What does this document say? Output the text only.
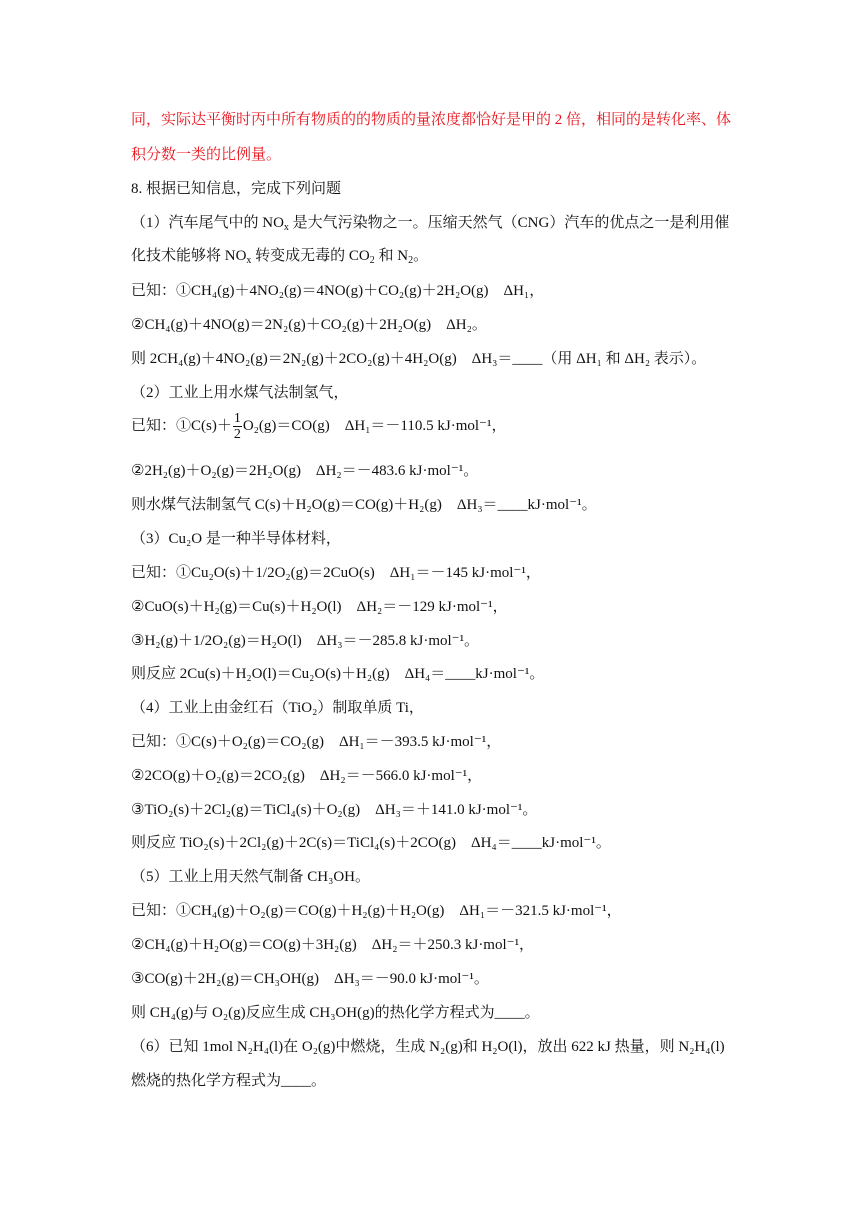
同，实际达平衡时丙中所有物质的的物质的量浓度都恰好是甲的 2 倍，相同的是转化率、体
积分数一类的比例量。
8. 根据已知信息，完成下列问题
（1）汽车尾气中的 $NO_x$ 是大气污染物之一。压缩天然气（CNG）汽车的优点之一是利用催
化技术能够将 $NO_x$ 转变成无毒的 $CO_2$ 和 $N_2$。
已知：①CH₄(g)＋4NO₂(g)＝4NO(g)＋CO₂(g)＋2H₂O(g)　ΔH₁，
②CH₄(g)＋4NO(g)＝2N₂(g)＋CO₂(g)＋2H₂O(g)　ΔH₂。
则 2CH₄(g)＋4NO₂(g)＝2N₂(g)＋2CO₂(g)＋4H₂O(g)　ΔH₃＝____（用 ΔH₁ 和 ΔH₂ 表示）。
（2）工业上用水煤气法制氢气，
已知：①C(s)＋ $\frac{1}{2} O_2(g)=CO(g)$　ΔH₁＝－110.5 kJ·mol⁻¹，
②2H₂(g)＋O₂(g)＝2H₂O(g)　ΔH₂＝－483.6 kJ·mol⁻¹。
则水煤气法制氢气 C(s)＋H₂O(g)＝CO(g)＋H₂(g)　ΔH₃＝____kJ·mol⁻¹。
（3）Cu₂O 是一种半导体材料，
已知：①Cu₂O(s)＋1/2O₂(g)＝2CuO(s)　ΔH₁＝－145 kJ·mol⁻¹，
②CuO(s)＋H₂(g)＝Cu(s)＋H₂O(l)　ΔH₂＝－129 kJ·mol⁻¹，
③H₂(g)＋1/2O₂(g)＝H₂O(l)　ΔH₃＝－285.8 kJ·mol⁻¹。
则反应 2Cu(s)＋H₂O(l)＝Cu₂O(s)＋H₂(g)　ΔH₄＝____kJ·mol⁻¹。
（4）工业上由金红石（TiO₂）制取单质 Ti，
已知：①C(s)＋O₂(g)＝CO₂(g)　ΔH₁＝－393.5 kJ·mol⁻¹，
②2CO(g)＋O₂(g)＝2CO₂(g)　ΔH₂＝－566.0 kJ·mol⁻¹，
③TiO₂(s)＋2Cl₂(g)＝TiCl₄(s)＋O₂(g)　ΔH₃＝＋141.0 kJ·mol⁻¹。
则反应 TiO₂(s)＋2Cl₂(g)＋2C(s)＝TiCl₄(s)＋2CO(g)　ΔH₄＝____kJ·mol⁻¹。
（5）工业上用天然气制备 CH₃OH。
已知：①CH₄(g)＋O₂(g)＝CO(g)＋H₂(g)＋H₂O(g)　ΔH₁＝－321.5 kJ·mol⁻¹，
②CH₄(g)＋H₂O(g)＝CO(g)＋3H₂(g)　ΔH₂＝＋250.3 kJ·mol⁻¹，
③CO(g)＋2H₂(g)＝CH₃OH(g)　ΔH₃＝－90.0 kJ·mol⁻¹。
则 CH₄(g)与 O₂(g)反应生成 CH₃OH(g)的热化学方程式为____。
（6）已知 1mol N₂H₄(l)在 O₂(g)中燃烧，生成 N₂(g)和 H₂O(l)，放出 622 kJ 热量，则 N₂H₄(l)
燃烧的热化学方程式为____。
